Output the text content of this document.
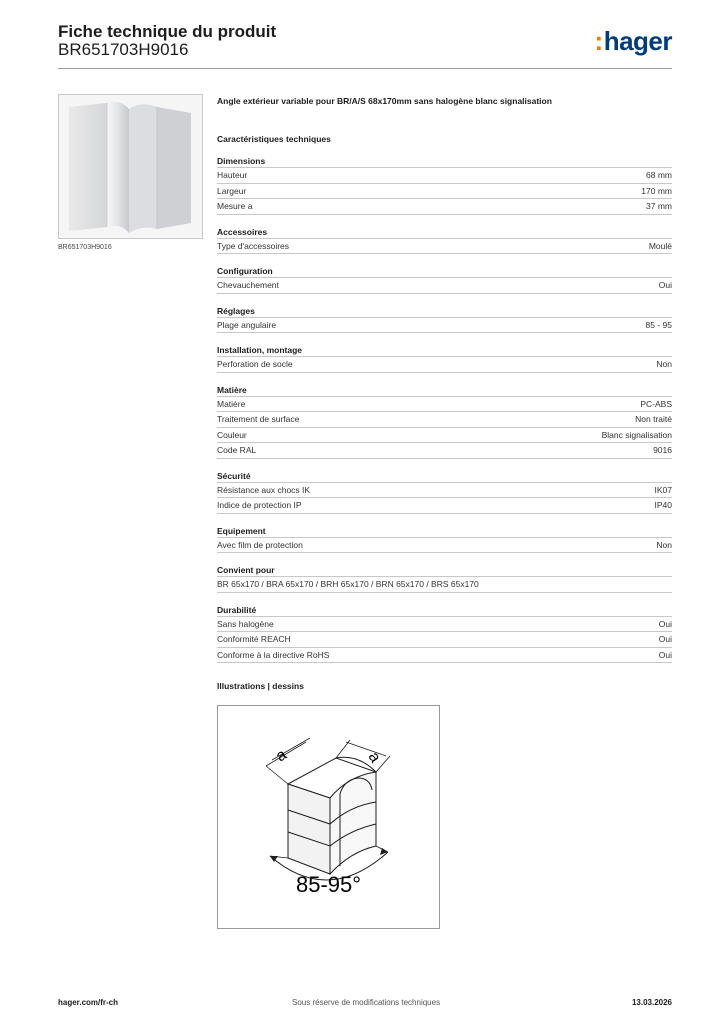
Fiche technique du produit
BR651703H9016	:hager
BR651703H9016
Angle extérieur variable pour BR/A/S 68x170mm sans halogène blanc signalisation
Caractéristiques techniques
Dimensions
Hauteur	68 mm
Largeur	170 mm
Mesure a	37 mm
Accessoires
Type d'accessoires	Moulé
Configuration
Chevauchement	Oui
Réglages
Plage angulaire	85 - 95
Installation, montage
Perforation de socle	Non
Matière
Matière	PC-ABS
Traitement de surface	Non traité
Couleur	Blanc signalisation
Code RAL	9016
Sécurité
Résistance aux chocs IK	IK07
Indice de protection IP	IP40
Equipement
Avec film de protection	Non
Convient pour
BR 65x170 / BRA 65x170 / BRH 65x170 / BRN 65x170 / BRS 65x170
Durabilité
Sans halogène	Oui
Conformité REACH	Oui
Conforme à la directive RoHS	Oui
Illustrations | dessins
a	a
85-95°
hager.com/fr-ch	Sous réserve de modifications techniques	13.03.2026
